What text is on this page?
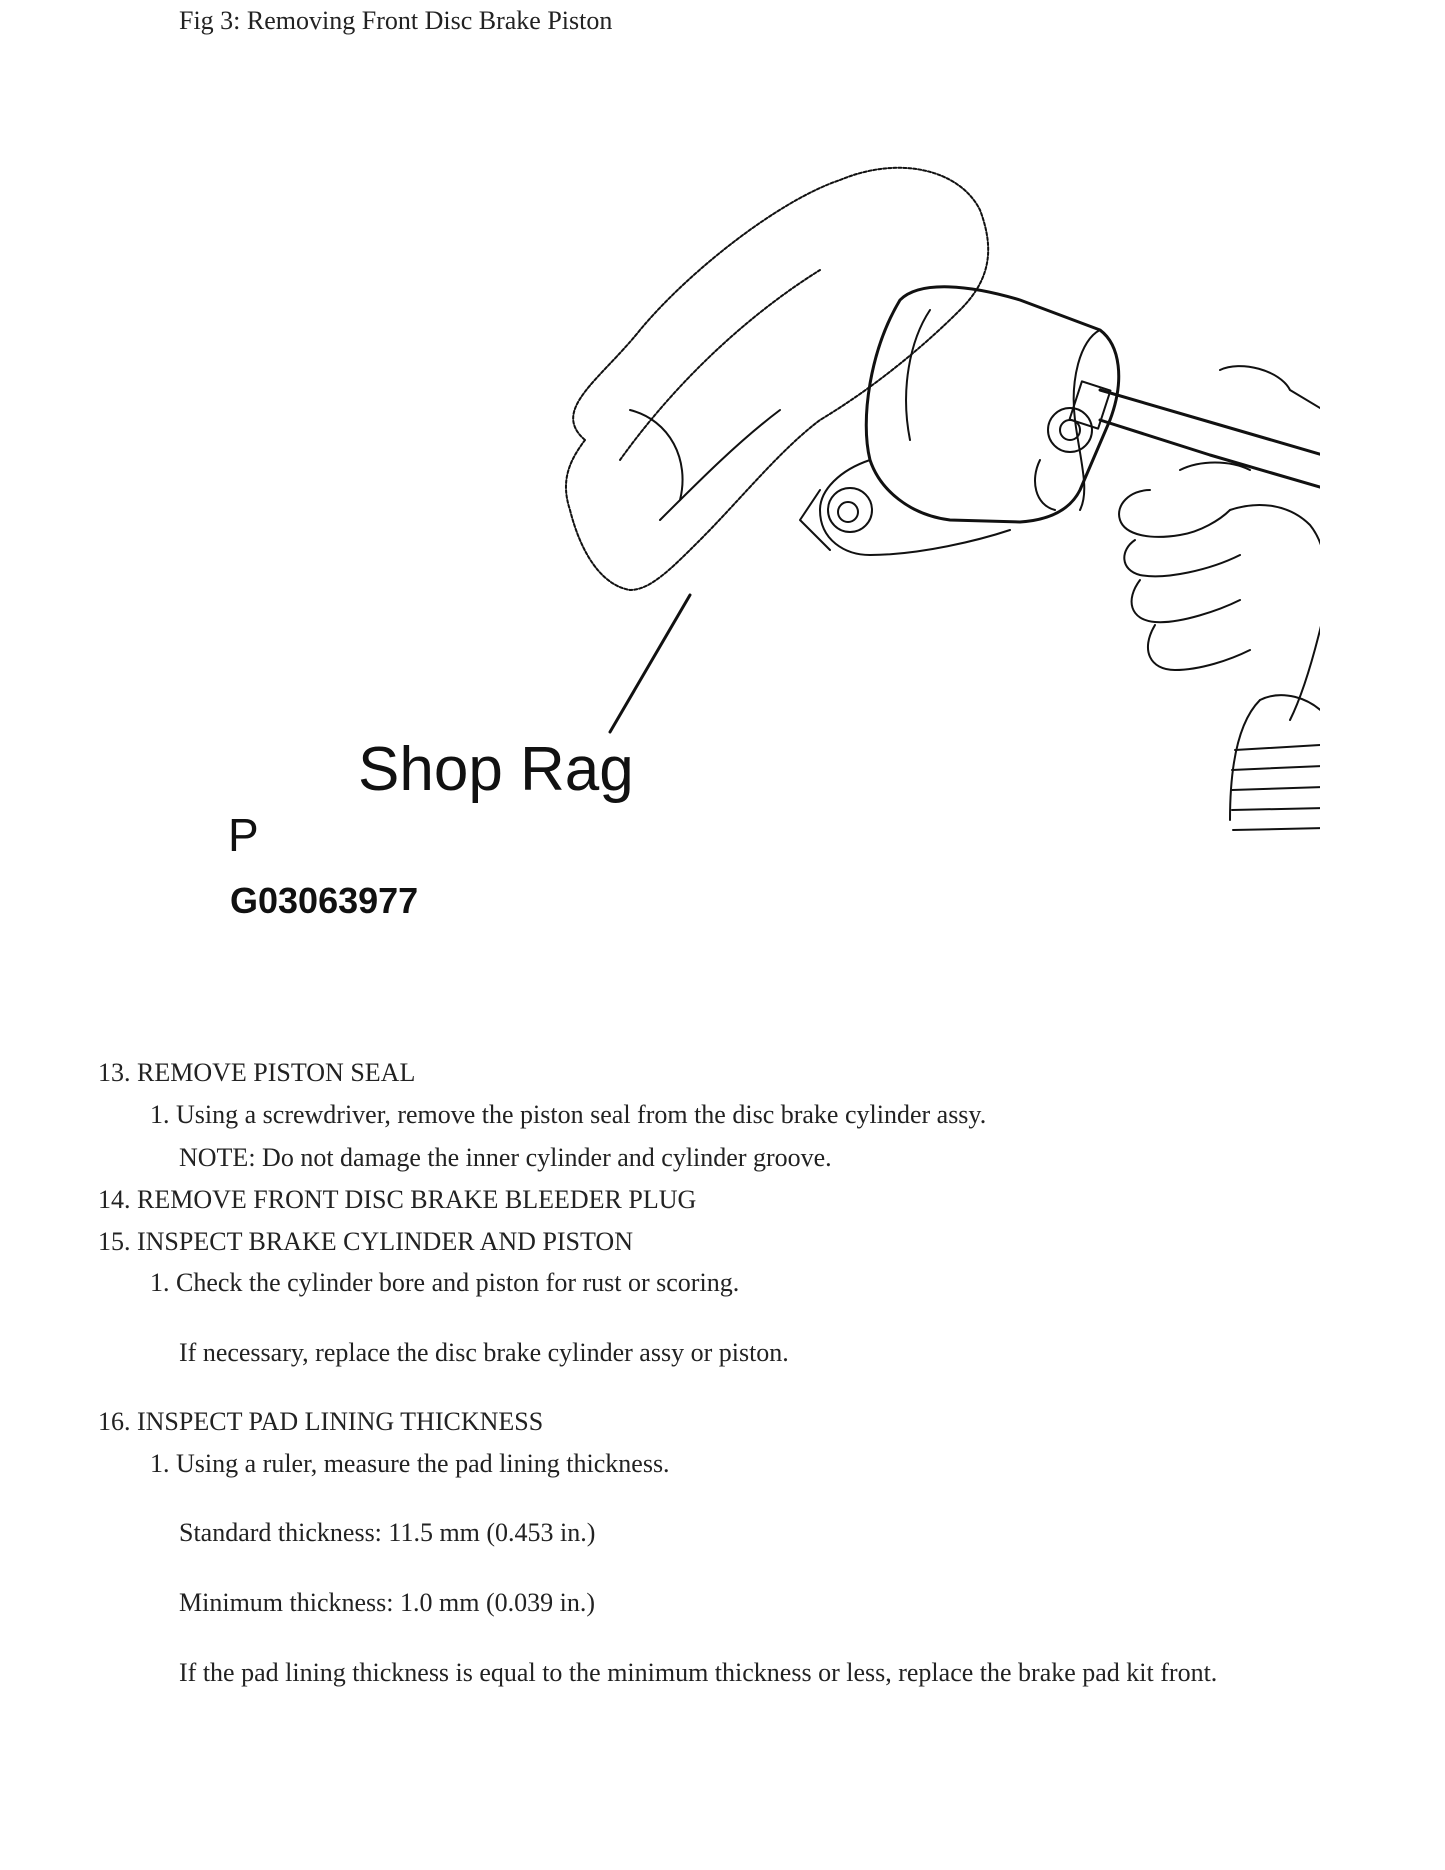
Fig 3: Removing Front Disc Brake Piston
Shop Rag
P
G03063977
13. REMOVE PISTON SEAL
1. Using a screwdriver, remove the piston seal from the disc brake cylinder assy.
NOTE: Do not damage the inner cylinder and cylinder groove.
14. REMOVE FRONT DISC BRAKE BLEEDER PLUG
15. INSPECT BRAKE CYLINDER AND PISTON
1. Check the cylinder bore and piston for rust or scoring.
If necessary, replace the disc brake cylinder assy or piston.
16. INSPECT PAD LINING THICKNESS
1. Using a ruler, measure the pad lining thickness.
Standard thickness: 11.5 mm (0.453 in.)
Minimum thickness: 1.0 mm (0.039 in.)
If the pad lining thickness is equal to the minimum thickness or less, replace the brake pad kit front.
